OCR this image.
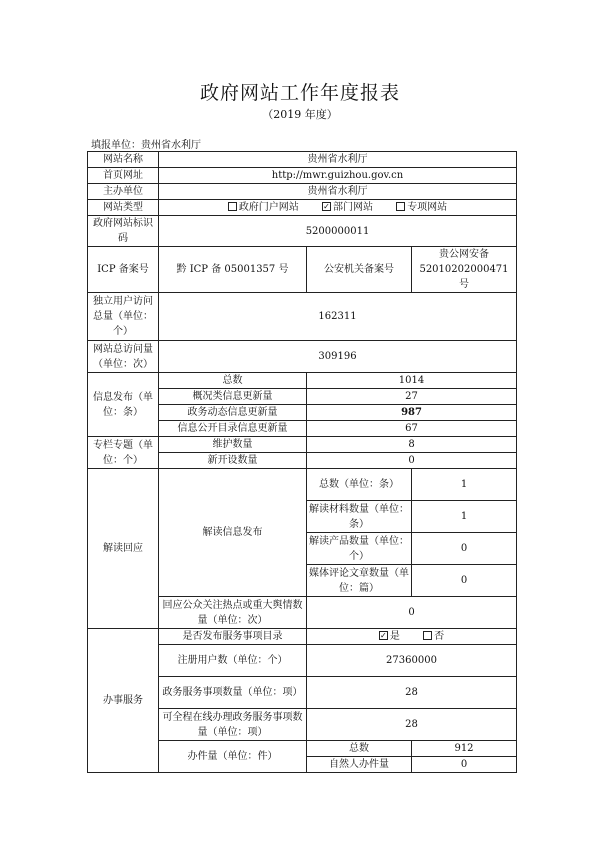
政府网站工作年度报表
（2019 年度）
填报单位：贵州省水利厅
网站名称	贵州省水利厅		
首页网址	http://mwr.guizhou.gov.cn		
主办单位	贵州省水利厅		
网站类型	政府门户网站 ✓ 部门网站 专项网站		
政府网站标识码	5200000011		
ICP 备案号	黔 ICP 备 05001357 号	公安机关备案号	贵公网安备 52010202000471 号
独立用户访问总量（单位：个）	162311		
网站总访问量（单位：次）	309196		
信息发布（单位：条）	总数	1014	
	概况类信息更新量	27	
	政务动态信息更新量	987	
	信息公开目录信息更新量	67	
专栏专题（单位：个）	维护数量	8	
	新开设数量	0	
解读回应	解读信息发布	总数（单位：条）	1
		解读材料数量（单位：条）	1
		解读产品数量（单位：个）	0
		媒体评论文章数量（单位：篇）	0
	回应公众关注热点或重大舆情数量（单位：次）	0	
办事服务	是否发布服务事项目录	✓ 是 否	
	注册用户数（单位：个）	27360000	
	政务服务事项数量（单位：项）	28	
	可全程在线办理政务服务事项数量（单位：项）	28	
	办件量（单位：件）	总数	912
		自然人办件量	0
